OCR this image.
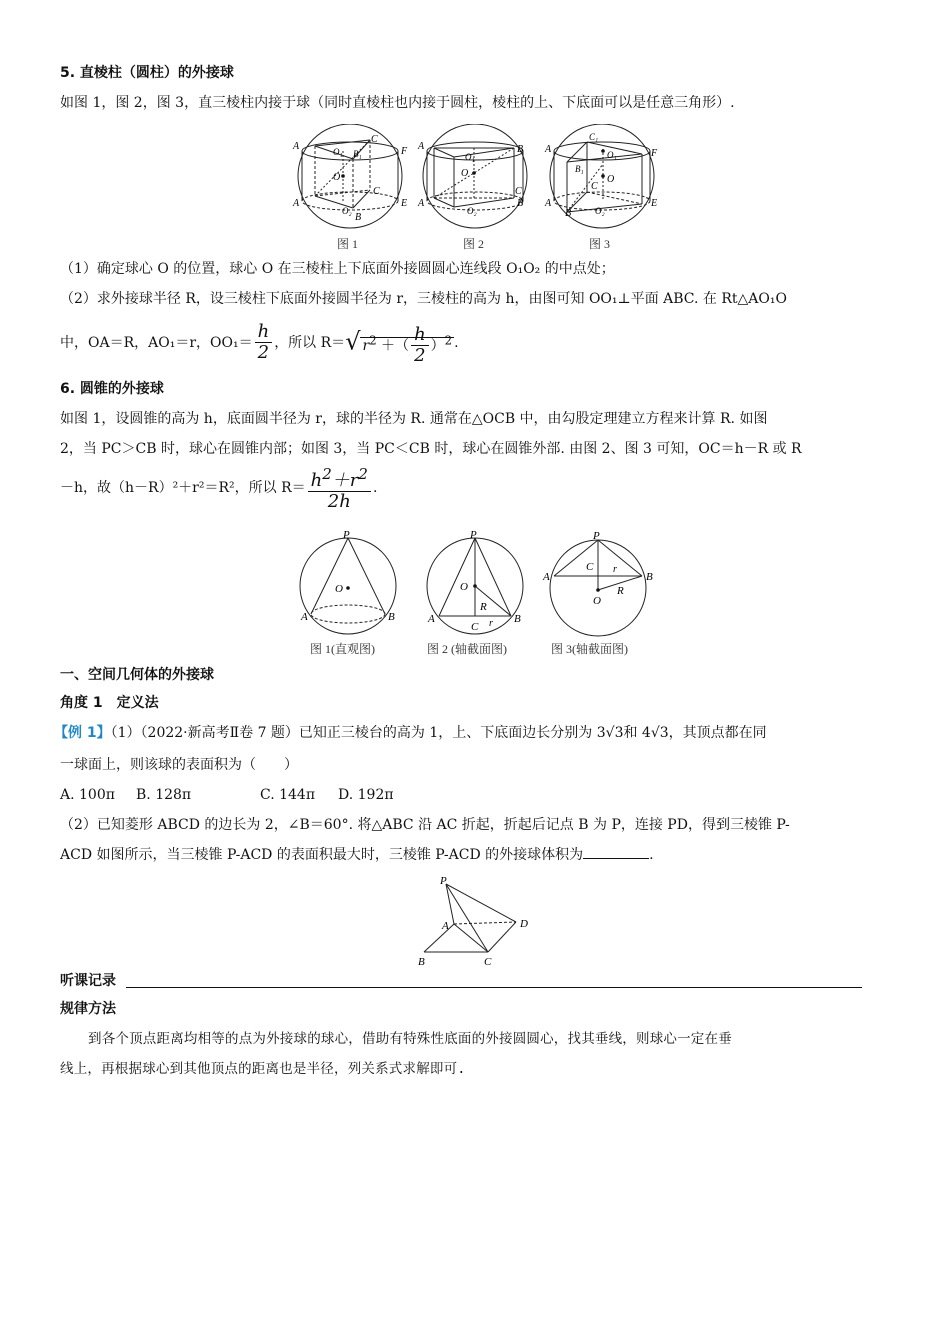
5. 直棱柱（圆柱）的外接球
如图 1，图 2，图 3，直三棱柱内接于球（同时直棱柱也内接于圆柱，棱柱的上、下底面可以是任意三角形）.
A	F
C
B₁
O₁
O
C
A	E
O₂
B
A	B
O₁
O
C
A	B
O₂
A	F
C₁
O₁
B₁
C
O
A	E
B	O₂
图 1	图 2	图 3
（1）确定球心 O 的位置，球心 O 在三棱柱上下底面外接圆圆心连线段 O₁O₂ 的中点处；
（2）求外接球半径 R，设三棱柱下底面外接圆半径为 r，三棱柱的高为 h，由图可知 OO₁⊥平面 ABC. 在 Rt△AO₁O
中，OA＝R，AO₁＝r，$OO_1= \frac{h}{2}$ ，所以 R＝√ $r^2$ ＋（ $\frac{h}{2} )^2$ .
6. 圆锥的外接球
如图 1，设圆锥的高为 h，底面圆半径为 r，球的半径为 R. 通常在△OCB 中，由勾股定理建立方程来计算 R. 如图
2，当 PC＞CB 时，球心在圆锥内部；如图 3，当 PC＜CB 时，球心在圆锥外部. 由图 2、图 3 可知，OC＝h－R 或 R
－h，故（h－R）²＋r²＝R²，所以 $R= \frac{h^2+r^2}{2h}$ .
P
O
A	B
图 1(直观图)
P
O
R
A	B
C r
图 2 (轴截面图)
P
A	B
C r
O
R
图 3(轴截面图)
一、空间几何体的外接球
角度 1　定义法
【例 1】（1）（2022·新高考Ⅱ卷 7 题）已知正三棱台的高为 1，上、下底面边长分别为 3√3和 4√3，其顶点都在同
一球面上，则该球的表面积为（　　）
A. 100π B. 128π	C. 144π D. 192π
（2）已知菱形 ABCD 的边长为 2，∠B＝60°. 将△ABC 沿 AC 折起，折起后记点 B 为 P，连接 PD，得到三棱锥 P-
ACD 如图所示，当三棱锥 P-ACD 的表面积最大时，三棱锥 P-ACD 的外接球体积为	.
P
A	D
B	C
听课记录
规律方法
到各个顶点距离均相等的点为外接球的球心，借助有特殊性底面的外接圆圆心，找其垂线，则球心一定在垂
线上，再根据球心到其他顶点的距离也是半径，列关系式求解即可.
